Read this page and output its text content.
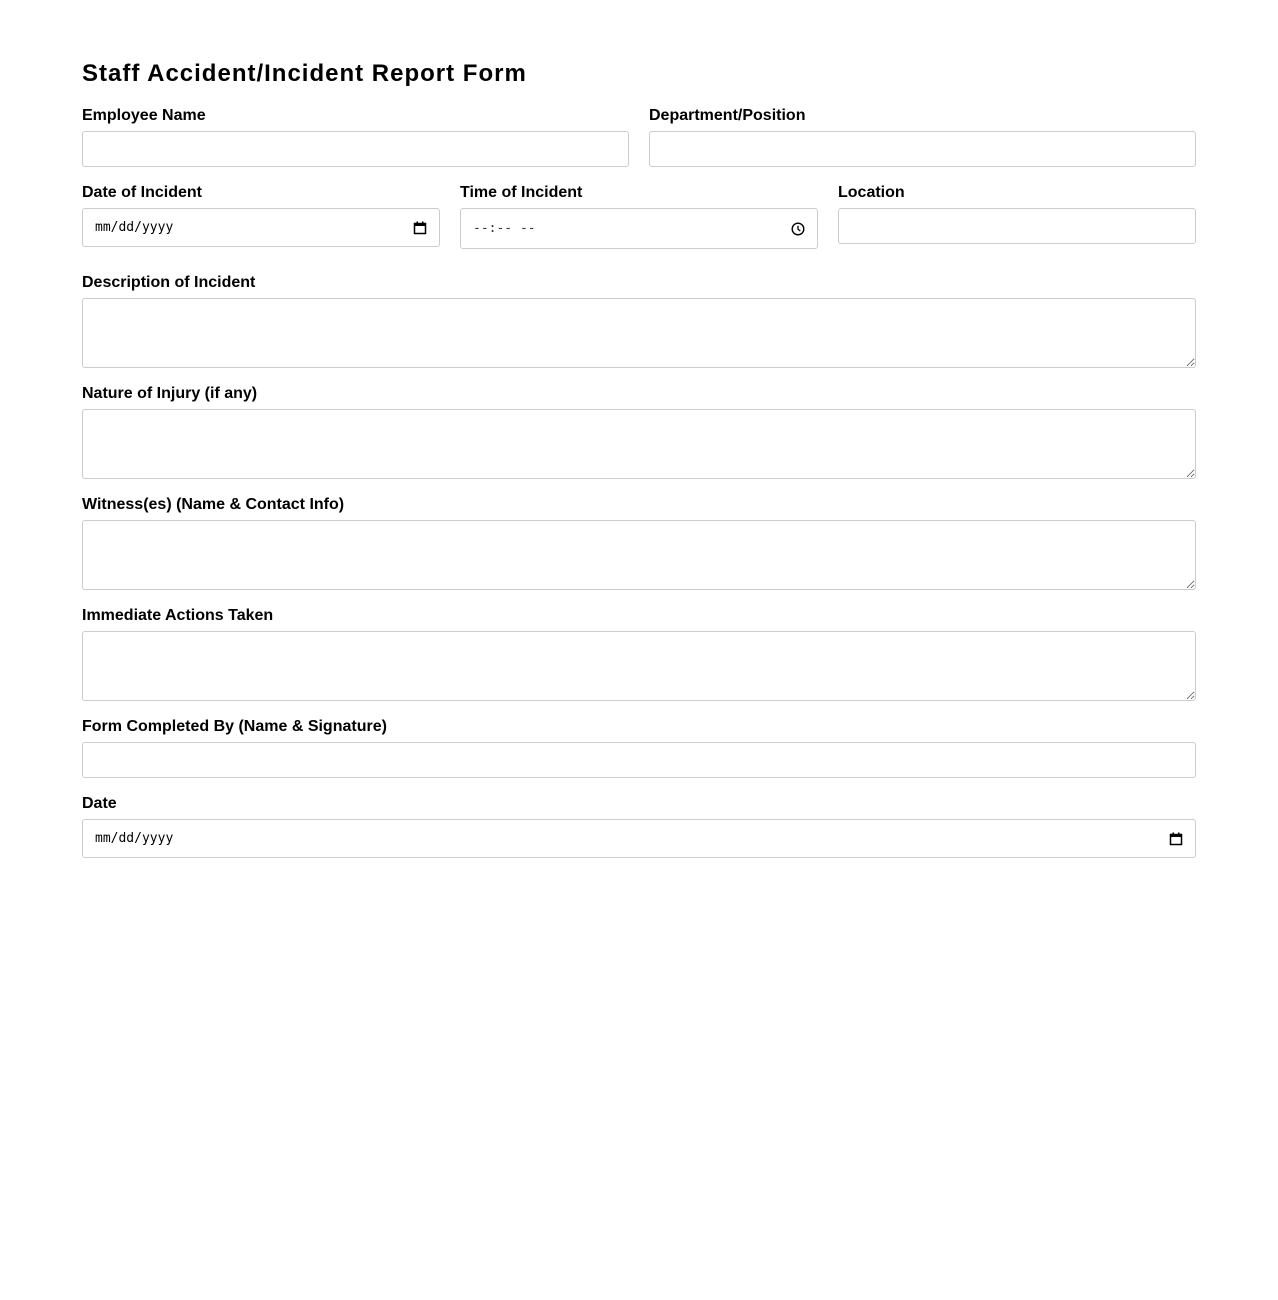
Staff Accident/Incident Report Form
Employee Name	Department/Position
Date of Incident
mm/dd/yyyy
Time of Incident
--:-- --
Location
Description of Incident
Nature of Injury (if any)
Witness(es) (Name & Contact Info)
Immediate Actions Taken
Form Completed By (Name & Signature)
Date
mm/dd/yyyy
